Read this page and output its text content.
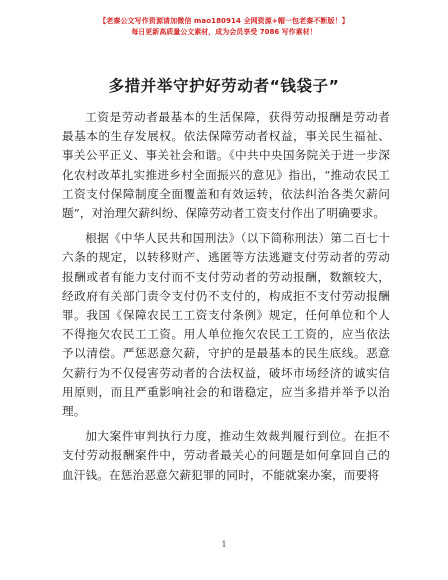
【老秦公文写作资源请加微信 mao180914 全网资源+帽一包老秦不断版！】
每日更新高质量公文素材，成为会员享受 7086 写作素材！
多措并举守护好劳动者“钱袋子”

工资是劳动者最基本的生活保障，获得劳动报酬是劳动者最基本的生存发展权。依法保障劳动者权益，事关民生福祉、事关公平正义、事关社会和谐。《中共中央国务院关于进一步深化农村改革扎实推进乡村全面振兴的意见》指出，“推动农民工工资支付保障制度全面覆盖和有效运转，依法纠治各类欠薪问题”，对治理欠薪纠纷、保障劳动者工资支付作出了明确要求。

根据《中华人民共和国刑法》（以下简称刑法）第二百七十六条的规定，以转移财产、逃匿等方法逃避支付劳动者的劳动报酬或者有能力支付而不支付劳动者的劳动报酬，数额较大，经政府有关部门责令支付仍不支付的，构成拒不支付劳动报酬罪。我国《保障农民工工资支付条例》规定，任何单位和个人不得拖欠农民工工资。用人单位拖欠农民工工资的，应当依法予以清偿。严惩恶意欠薪，守护的是最基本的民生底线。恶意欠薪行为不仅侵害劳动者的合法权益，破坏市场经济的诚实信用原则，而且严重影响社会的和谐稳定，应当多措并举予以治理。

加大案件审判执行力度，推动生效裁判履行到位。在拒不支付劳动报酬案件中，劳动者最关心的问题是如何拿回自己的血汗钱。在惩治恶意欠薪犯罪的同时，不能就案办案，而要将

1
